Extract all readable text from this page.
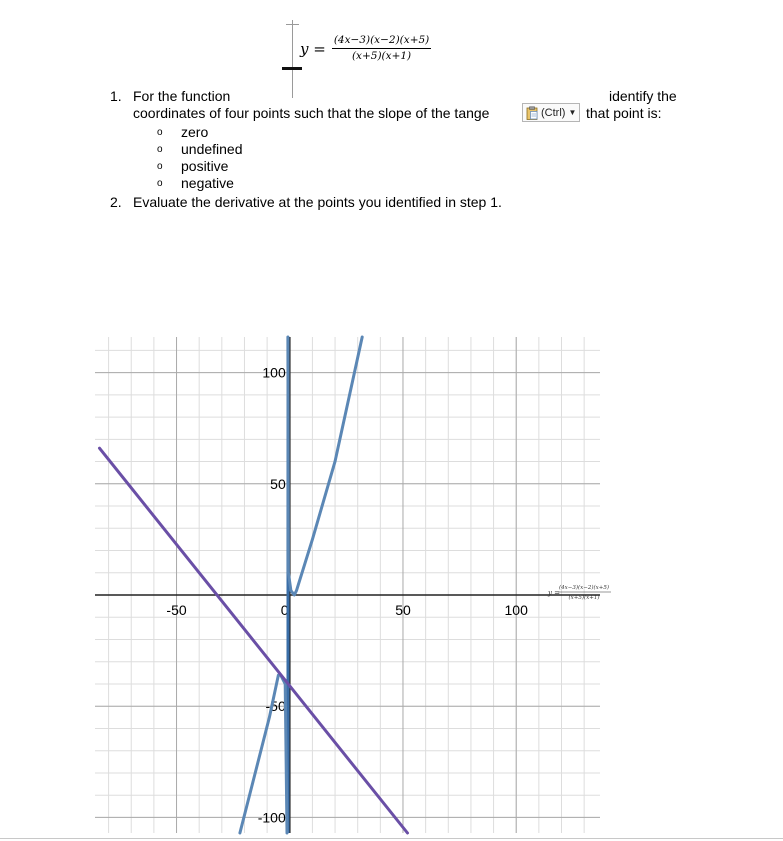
$y = \frac{(4x-3)(x-2)(x+5)}{(x+5)(x+1)}$
1. For the function	identify the
coordinates of four points such that the slope of the tange	(Ctrl) ▼ that point is:
o zero
o undefined
o positive
o negative
2. Evaluate the derivative at the points you identified in step 1.
-50	0	50	100
100
50
-50
-100
y =
(4x−3)(x−2)(x+5)
(x+5)(x+1)
